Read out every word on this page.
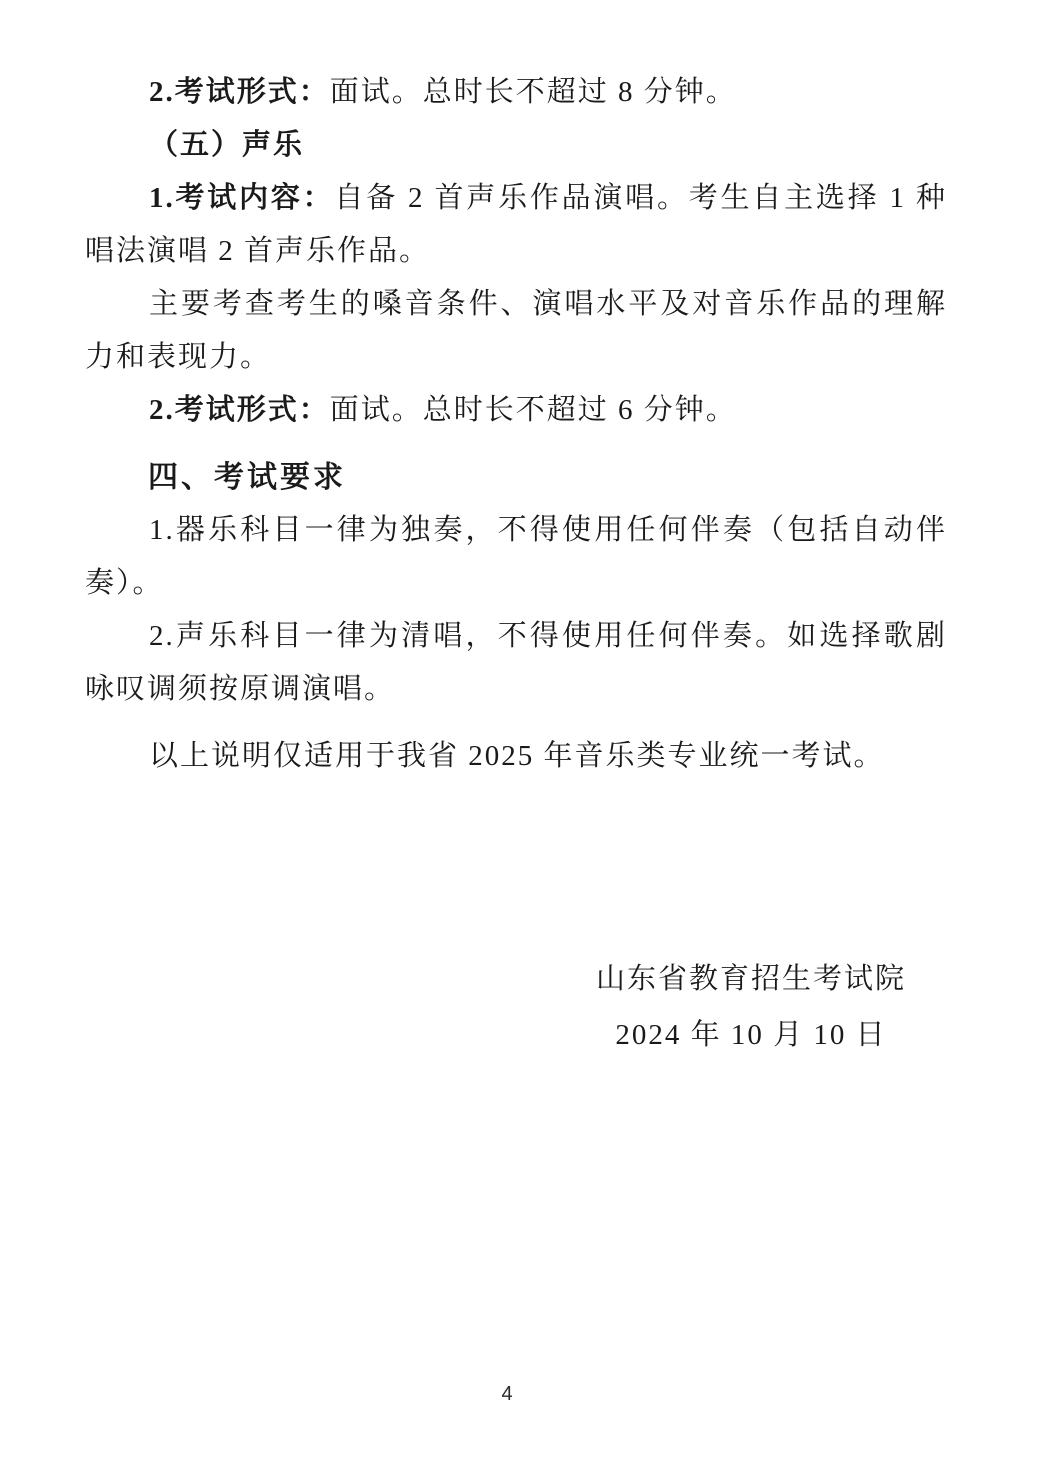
2.考试形式：面试。总时长不超过 8 分钟。

（五）声乐

1.考试内容：自备 2 首声乐作品演唱。考生自主选择 1 种唱法演唱 2 首声乐作品。

主要考查考生的嗓音条件、演唱水平及对音乐作品的理解力和表现力。

2.考试形式：面试。总时长不超过 6 分钟。

四、考试要求

1.器乐科目一律为独奏，不得使用任何伴奏（包括自动伴奏）。

2.声乐科目一律为清唱，不得使用任何伴奏。如选择歌剧咏叹调须按原调演唱。

以上说明仅适用于我省 2025 年音乐类专业统一考试。

山东省教育招生考试院
2024 年 10 月 10 日
4
